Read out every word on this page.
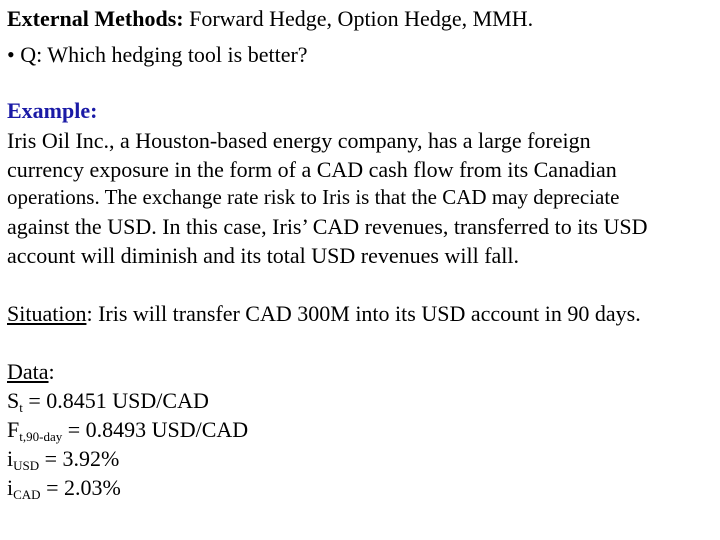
External Methods: Forward Hedge, Option Hedge, MMH.
• Q: Which hedging tool is better?
Example:
Iris Oil Inc., a Houston-based energy company, has a large foreign
currency exposure in the form of a CAD cash flow from its Canadian
operations. The exchange rate risk to Iris is that the CAD may depreciate
against the USD. In this case, Iris’ CAD revenues, transferred to its USD
account will diminish and its total USD revenues will fall.
Situation: Iris will transfer CAD 300M into its USD account in 90 days.
Data:
$S_t = 0.8451$ USD/CAD
$F_{t,90-day} = 0.8493$ USD/CAD
$i_{USD} = 3.92\%$
$i_{CAD} = 2.03\%$
